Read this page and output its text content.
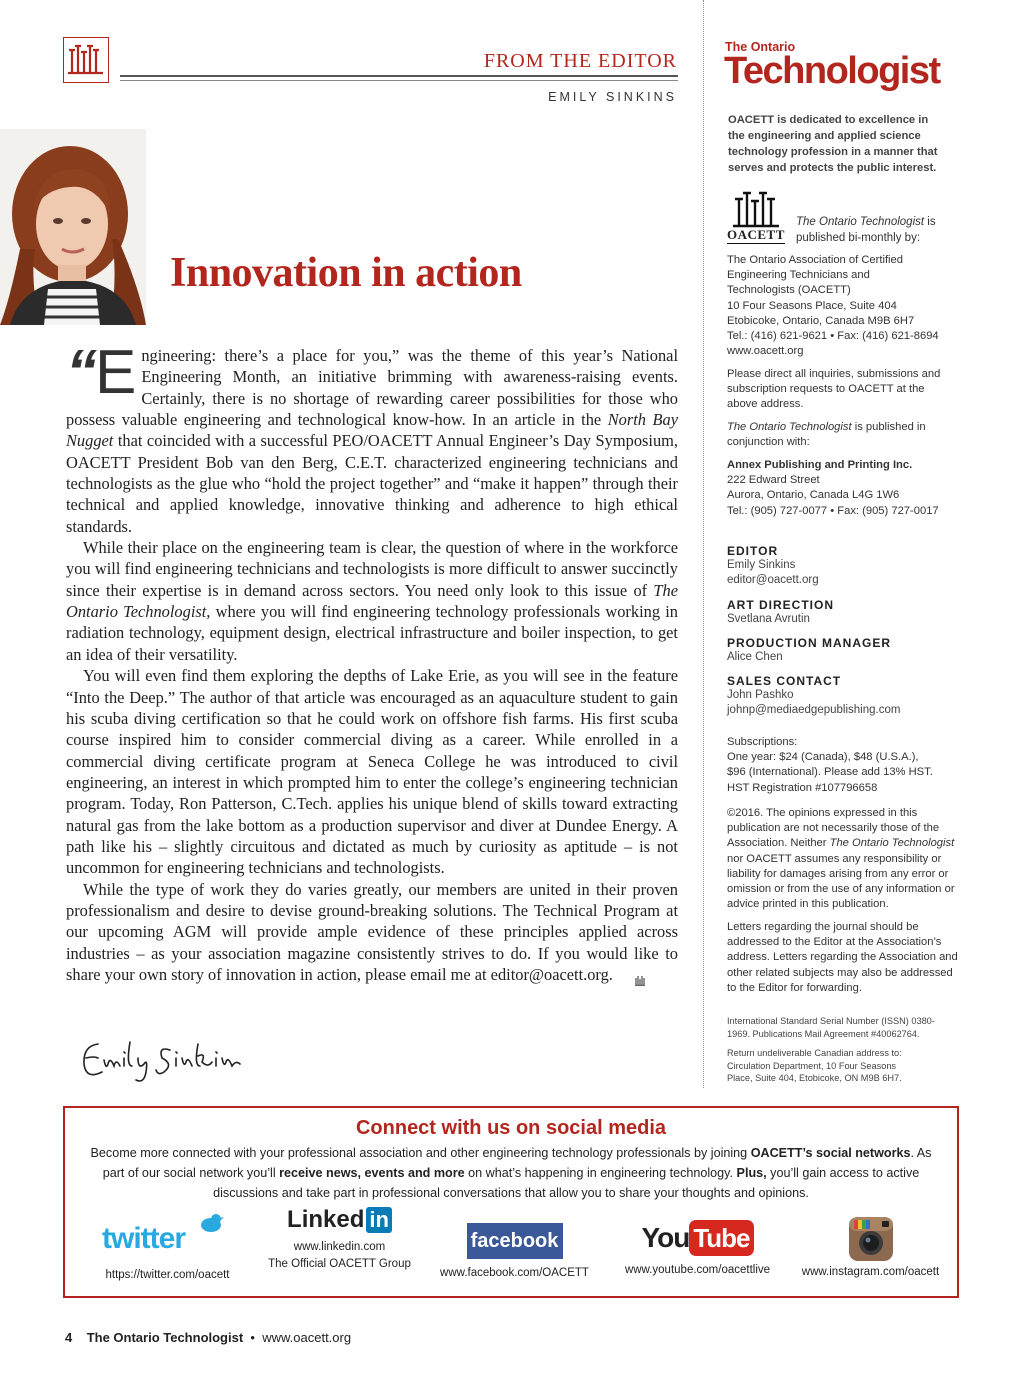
FROM THE EDITOR
EMILY SINKINS
Innovation in action

“E ngineering: there’s a place for you,” was the theme of this year’s National Engineering Month, an initiative brimming with awareness-raising events. Certainly, there is no shortage of rewarding career possibilities for those who possess valuable engineering and technological know-how. In an article in the North Bay Nugget that coincided with a successful PEO/OACETT Annual Engineer’s Day Symposium, OACETT President Bob van den Berg, C.E.T. characterized engineering technicians and technologists as the glue who “hold the project together” and “make it happen” through their technical and applied knowledge, innovative thinking and adherence to high ethical standards.

While their place on the engineering team is clear, the question of where in the workforce you will find engineering technicians and technologists is more difficult to answer succinctly since their expertise is in demand across sectors. You need only look to this issue of The Ontario Technologist, where you will find engineering technology professionals working in radiation technology, equipment design, electrical infrastructure and boiler inspection, to get an idea of their versatility.

You will even find them exploring the depths of Lake Erie, as you will see in the feature “Into the Deep.” The author of that article was encouraged as an aquaculture student to gain his scuba diving certification so that he could work on offshore fish farms. His first scuba course inspired him to consider commercial diving as a career. While enrolled in a commercial diving certificate program at Seneca College he was introduced to civil engineering, an interest in which prompted him to enter the college’s engineering technician program. Today, Ron Patterson, C.Tech. applies his unique blend of skills toward extracting natural gas from the lake bottom as a production supervisor and diver at Dundee Energy. A path like his – slightly circuitous and dictated as much by curiosity as aptitude – is not uncommon for engineering technicians and technologists.

While the type of work they do varies greatly, our members are united in their proven professionalism and desire to devise ground-breaking solutions. The Technical Program at our upcoming AGM will provide ample evidence of these principles applied across industries – as your association magazine consistently strives to do. If you would like to share your own story of innovation in action, please email me at editor@oacett.org.

The Ontario
Technologist
OACETT is dedicated to excellence in the engineering and applied science technology profession in a manner that serves and protects the public interest.
OACETT
The Ontario Technologist is published bi-monthly by:
The Ontario Association of Certified
Engineering Technicians and
Technologists (OACETT)
10 Four Seasons Place, Suite 404
Etobicoke, Ontario, Canada M9B 6H7
Tel.: (416) 621-9621 • Fax: (416) 621-8694
www.oacett.org
Please direct all inquiries, submissions and subscription requests to OACETT at the above address.
The Ontario Technologist is published in conjunction with:
Annex Publishing and Printing Inc.
222 Edward Street
Aurora, Ontario, Canada L4G 1W6
Tel.: (905) 727-0077 • Fax: (905) 727-0017
EDITOR
Emily Sinkins
editor@oacett.org
ART DIRECTION
Svetlana Avrutin
PRODUCTION MANAGER
Alice Chen
SALES CONTACT
John Pashko
johnp@mediaedgepublishing.com
Subscriptions:
One year: $24 (Canada), $48 (U.S.A.),
$96 (International). Please add 13% HST.
HST Registration #107796658
©2016. The opinions expressed in this publication are not necessarily those of the Association. Neither The Ontario Technologist nor OACETT assumes any responsibility or liability for damages arising from any error or omission or from the use of any information or advice printed in this publication.
Letters regarding the journal should be addressed to the Editor at the Association’s address. Letters regarding the Association and other related subjects may also be addressed to the Editor for forwarding.
International Standard Serial Number (ISSN) 0380-1969. Publications Mail Agreement #40062764.
Return undeliverable Canadian address to: Circulation Department, 10 Four Seasons Place, Suite 404, Etobicoke, ON M9B 6H7.
Connect with us on social media
Become more connected with your professional association and other engineering technology professionals by joining OACETT’s social networks. As part of our social network you’ll receive news, events and more on what’s happening in engineering technology. Plus, you’ll gain access to active discussions and take part in professional conversations that allow you to share your thoughts and opinions.
twitter
https://twitter.com/oacett
Linked in
www.linkedin.com
The Official OACETT Group
facebook
www.facebook.com/OACETT
You Tube
www.youtube.com/oacettlive	www.instagram.com/oacett
4 The Ontario Technologist • www.oacett.org
